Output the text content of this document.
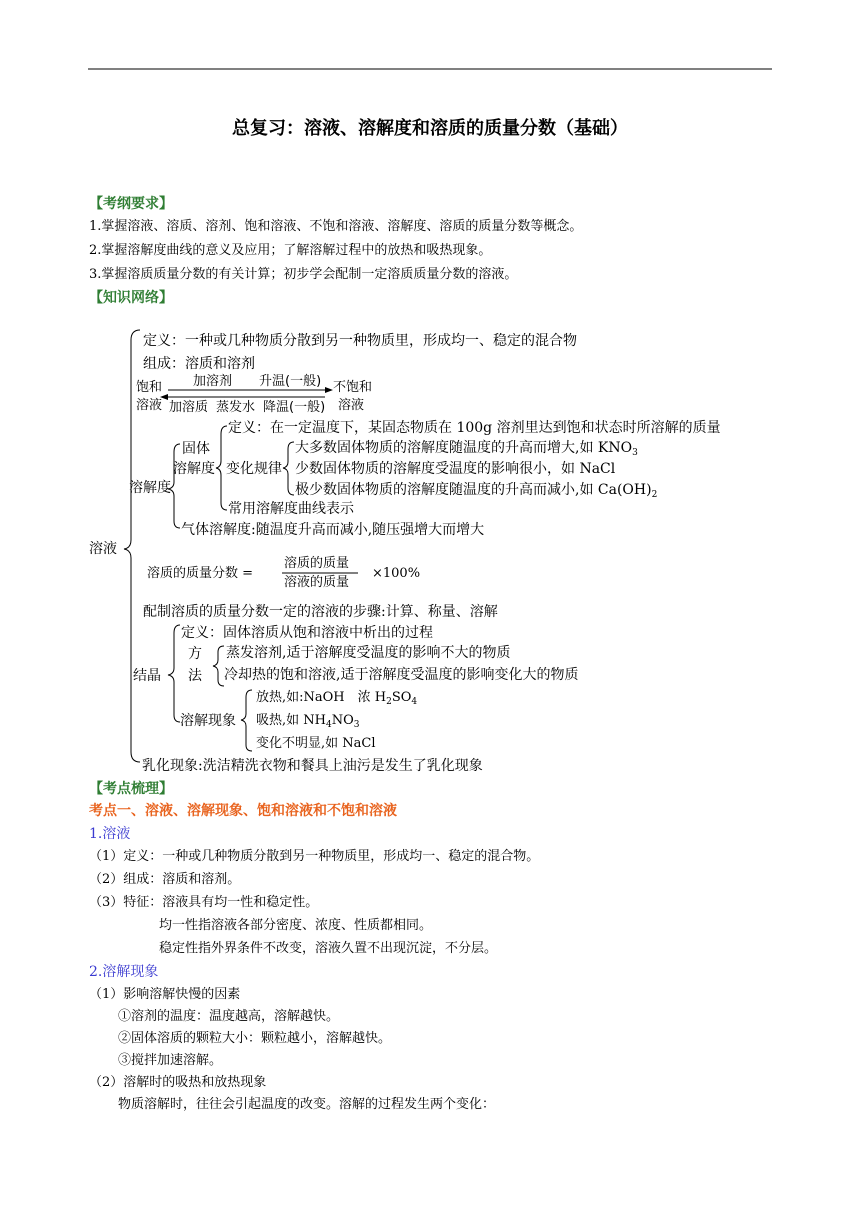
总复习：溶液、溶解度和溶质的质量分数（基础）
【考纲要求】
1.掌握溶液、溶质、溶剂、饱和溶液、不饱和溶液、溶解度、溶质的质量分数等概念。
2.掌握溶解度曲线的意义及应用；了解溶解过程中的放热和吸热现象。
3.掌握溶质质量分数的有关计算；初步学会配制一定溶质质量分数的溶液。
【知识网络】
溶液
定义：一种或几种物质分散到另一种物质里，形成均一、稳定的混合物
组成：溶质和溶剂
饱和
溶液
加溶剂 升温(一般) 不饱和
溶液
加溶质 蒸发水 降温(一般)
溶解度
固体
溶解度
定义：在一定温度下，某固态物质在 100g 溶剂里达到饱和状态时所溶解的质量
变化规律
大多数固体物质的溶解度随温度的升高而增大,如 $KNO_3$
少数固体物质的溶解度受温度的影响很小，如 NaCl
极少数固体物质的溶解度随温度的升高而减小,如 $Ca(OH)_2$
常用溶解度曲线表示
气体溶解度:随温度升高而减小,随压强增大而增大
溶质的质量分数 =
溶质的质量
溶液的质量
×100%
配制溶质的质量分数一定的溶液的步骤:计算、称量、溶解
结晶
定义：固体溶质从饱和溶液中析出的过程
方
法
蒸发溶剂,适于溶解度受温度的影响不大的物质
冷却热的饱和溶液,适于溶解度受温度的影响变化大的物质
溶解现象
放热,如:NaOH　浓 $H_2SO_4$
吸热,如 $NH_4NO_3$
变化不明显,如 NaCl
乳化现象:洗洁精洗衣物和餐具上油污是发生了乳化现象
【考点梳理】
考点一、溶液、溶解现象、饱和溶液和不饱和溶液
1.溶液
（1）定义：一种或几种物质分散到另一种物质里，形成均一、稳定的混合物。
（2）组成：溶质和溶剂。
（3）特征：溶液具有均一性和稳定性。
均一性指溶液各部分密度、浓度、性质都相同。
稳定性指外界条件不改变，溶液久置不出现沉淀，不分层。
2.溶解现象
（1）影响溶解快慢的因素
①溶剂的温度：温度越高，溶解越快。
②固体溶质的颗粒大小：颗粒越小，溶解越快。
③搅拌加速溶解。
（2）溶解时的吸热和放热现象
物质溶解时，往往会引起温度的改变。溶解的过程发生两个变化：
